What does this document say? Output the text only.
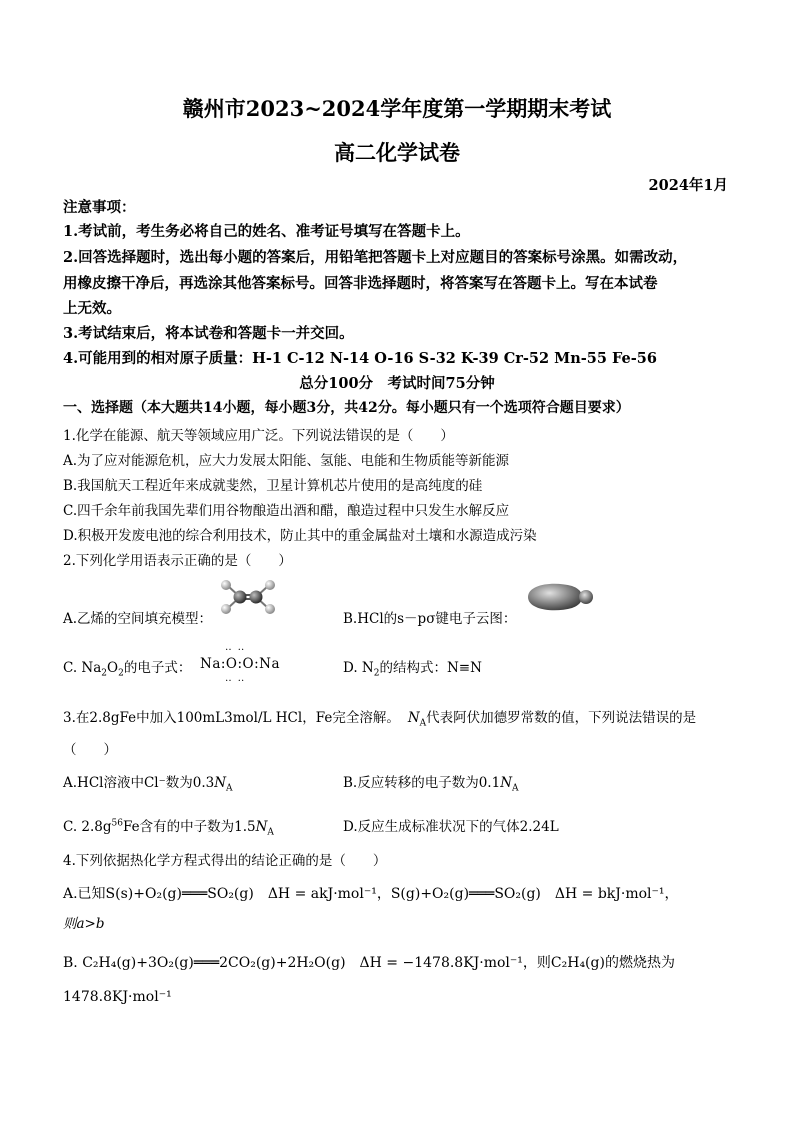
赣州市2023~2024学年度第一学期期末考试
高二化学试卷
2024年1月
注意事项：
1.考试前，考生务必将自己的姓名、准考证号填写在答题卡上。
2.回答选择题时，选出每小题的答案后，用铅笔把答题卡上对应题目的答案标号涂黑。如需改动，
用橡皮擦干净后，再选涂其他答案标号。回答非选择题时，将答案写在答题卡上。写在本试卷
上无效。
3.考试结束后，将本试卷和答题卡一并交回。
4.可能用到的相对原子质量：H-1 C-12 N-14 O-16 S-32 K-39 Cr-52 Mn-55 Fe-56
总分100分　考试时间75分钟
一、选择题（本大题共14小题，每小题3分，共42分。每小题只有一个选项符合题目要求）
1.化学在能源、航天等领域应用广泛。下列说法错误的是（　　）
A.为了应对能源危机，应大力发展太阳能、氢能、电能和生物质能等新能源
B.我国航天工程近年来成就斐然，卫星计算机芯片使用的是高纯度的硅
C.四千余年前我国先辈们用谷物酿造出酒和醋，酿造过程中只发生水解反应
D.积极开发废电池的综合利用技术，防止其中的重金属盐对土壤和水源造成污染
2.下列化学用语表示正确的是（　　）
A.乙烯的空间填充模型：	B.HCl的s－pσ键电子云图：
C. $Na_2O_2$的电子式： Na:O:O:Na
‥‥
‥‥
D. $N_2$的结构式：N≡N
3.在2.8gFe中加入100mL3mol/L HCl，Fe完全溶解。 $N_A$代表阿伏加德罗常数的值，下列说法错误的是
（　　）
A.HCl溶液中Cl⁻数为$0.3N_A$	B.反应转移的电子数为$0.1N_A$
C. $2.8g^{56}Fe$含有的中子数为$1.5N_A$	D.反应生成标准状况下的气体2.24L
4.下列依据热化学方程式得出的结论正确的是（　　）
A.已知S(s)+O₂(g)═══SO₂(g)　ΔH = akJ·mol⁻¹，S(g)+O₂(g)═══SO₂(g)　ΔH = bkJ·mol⁻¹，
则a>b
B. C₂H₄(g)+3O₂(g)═══2CO₂(g)+2H₂O(g)　ΔH = −1478.8KJ·mol⁻¹，则C₂H₄(g)的燃烧热为
1478.8KJ·mol⁻¹
